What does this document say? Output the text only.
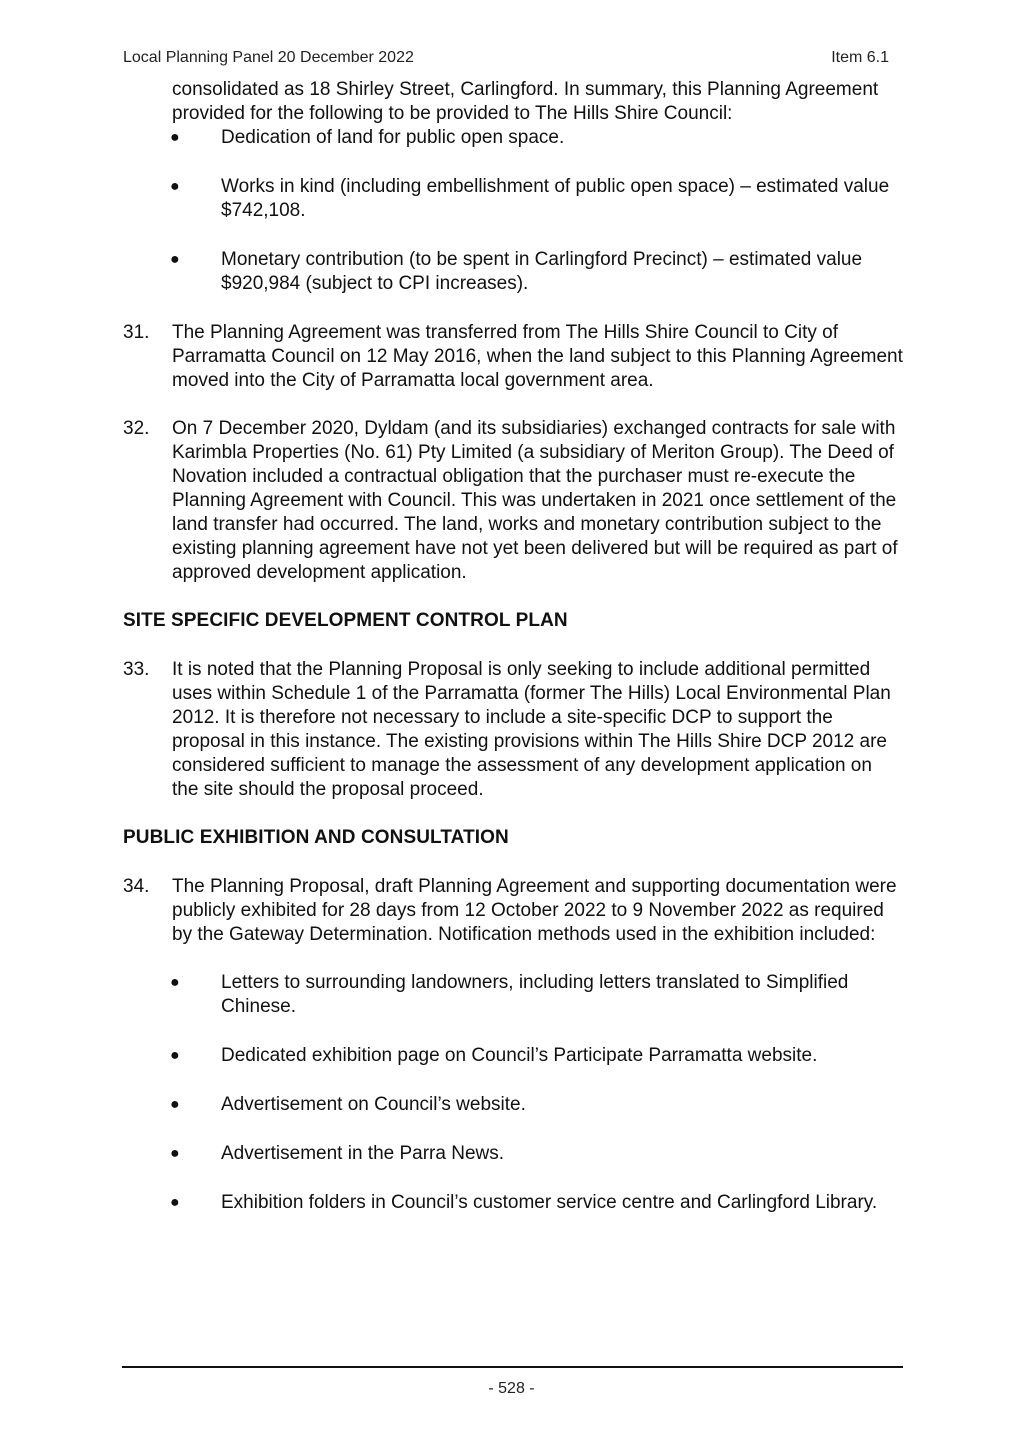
Local Planning Panel 20 December 2022	Item 6.1

consolidated as 18 Shirley Street, Carlingford. In summary, this Planning Agreement provided for the following to be provided to The Hills Shire Council:

● Dedication of land for public open space.
● Works in kind (including embellishment of public open space) – estimated value $742,108.
● Monetary contribution (to be spent in Carlingford Precinct) – estimated value $920,984 (subject to CPI increases).
31. The Planning Agreement was transferred from The Hills Shire Council to City of Parramatta Council on 12 May 2016, when the land subject to this Planning Agreement moved into the City of Parramatta local government area.

32. On 7 December 2020, Dyldam (and its subsidiaries) exchanged contracts for sale with Karimbla Properties (No. 61) Pty Limited (a subsidiary of Meriton Group). The Deed of Novation included a contractual obligation that the purchaser must re-execute the Planning Agreement with Council. This was undertaken in 2021 once settlement of the land transfer had occurred. The land, works and monetary contribution subject to the existing planning agreement have not yet been delivered but will be required as part of approved development application.

SITE SPECIFIC DEVELOPMENT CONTROL PLAN
33. It is noted that the Planning Proposal is only seeking to include additional permitted uses within Schedule 1 of the Parramatta (former The Hills) Local Environmental Plan 2012. It is therefore not necessary to include a site-specific DCP to support the proposal in this instance. The existing provisions within The Hills Shire DCP 2012 are considered sufficient to manage the assessment of any development application on the site should the proposal proceed.

PUBLIC EXHIBITION AND CONSULTATION
34. The Planning Proposal, draft Planning Agreement and supporting documentation were publicly exhibited for 28 days from 12 October 2022 to 9 November 2022 as required by the Gateway Determination. Notification methods used in the exhibition included:

● Letters to surrounding landowners, including letters translated to Simplified Chinese.
● Dedicated exhibition page on Council’s Participate Parramatta website.
● Advertisement on Council’s website.
● Advertisement in the Parra News.
● Exhibition folders in Council’s customer service centre and Carlingford Library.
- 528 -
